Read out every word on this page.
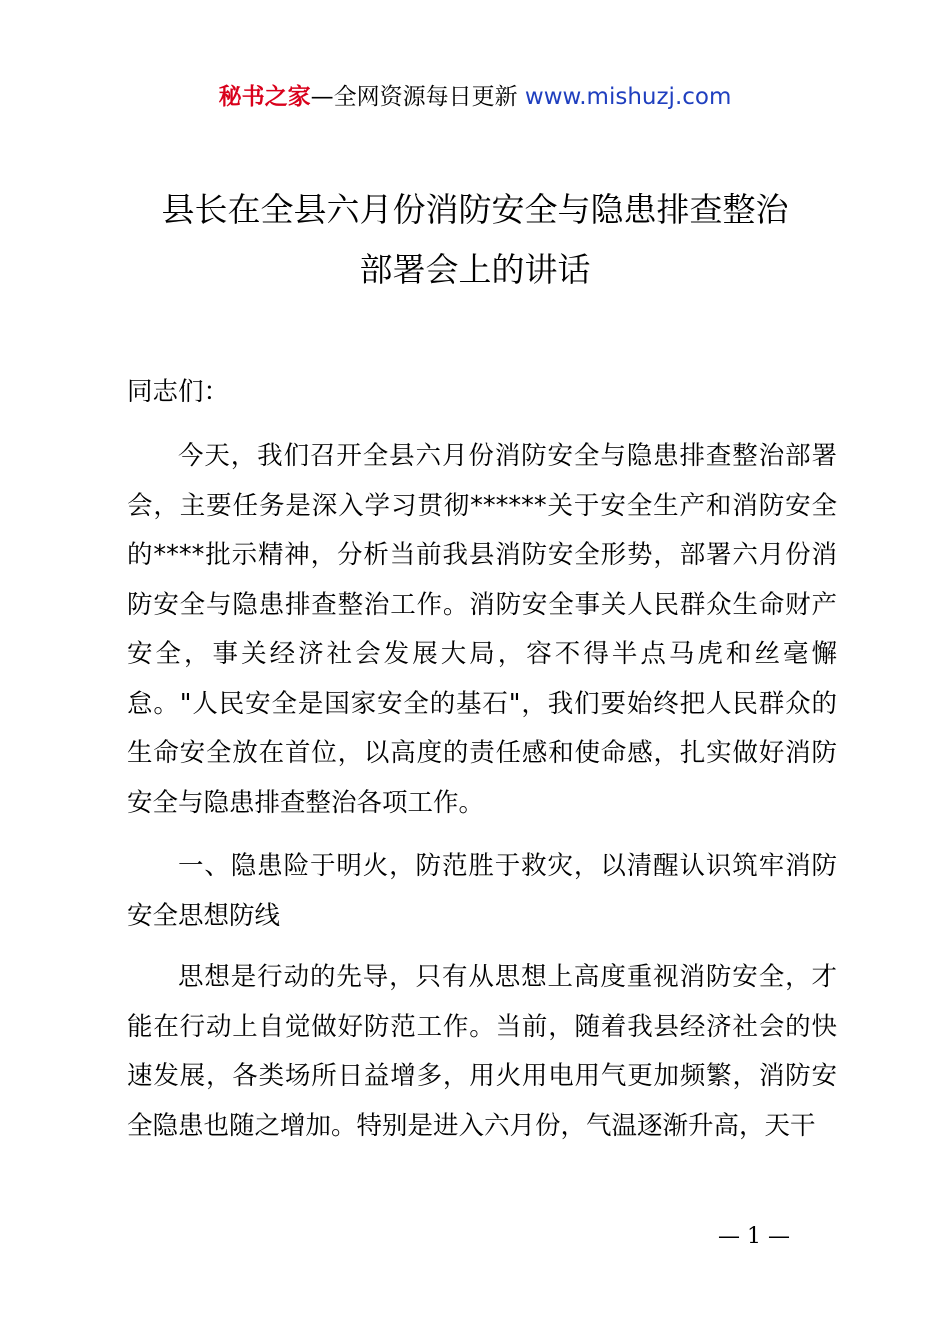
秘书之家—全网资源每日更新 www.mishuzj.com
县长在全县六月份消防安全与隐患排查整治
部署会上的讲话
同志们：
今天，我们召开全县六月份消防安全与隐患排查整治部署会，主要任务是深入学习贯彻******关于安全生产和消防安全的****批示精神，分析当前我县消防安全形势，部署六月份消防安全与隐患排查整治工作。消防安全事关人民群众生命财产安全，事关经济社会发展大局，容不得半点马虎和丝毫懈怠。"人民安全是国家安全的基石"，我们要始终把人民群众的生命安全放在首位，以高度的责任感和使命感，扎实做好消防安全与隐患排查整治各项工作。
一、隐患险于明火，防范胜于救灾，以清醒认识筑牢消防安全思想防线
思想是行动的先导，只有从思想上高度重视消防安全，才能在行动上自觉做好防范工作。当前，随着我县经济社会的快速发展，各类场所日益增多，用火用电用气更加频繁，消防安全隐患也随之增加。特别是进入六月份，气温逐渐升高，天干
— 1 —
